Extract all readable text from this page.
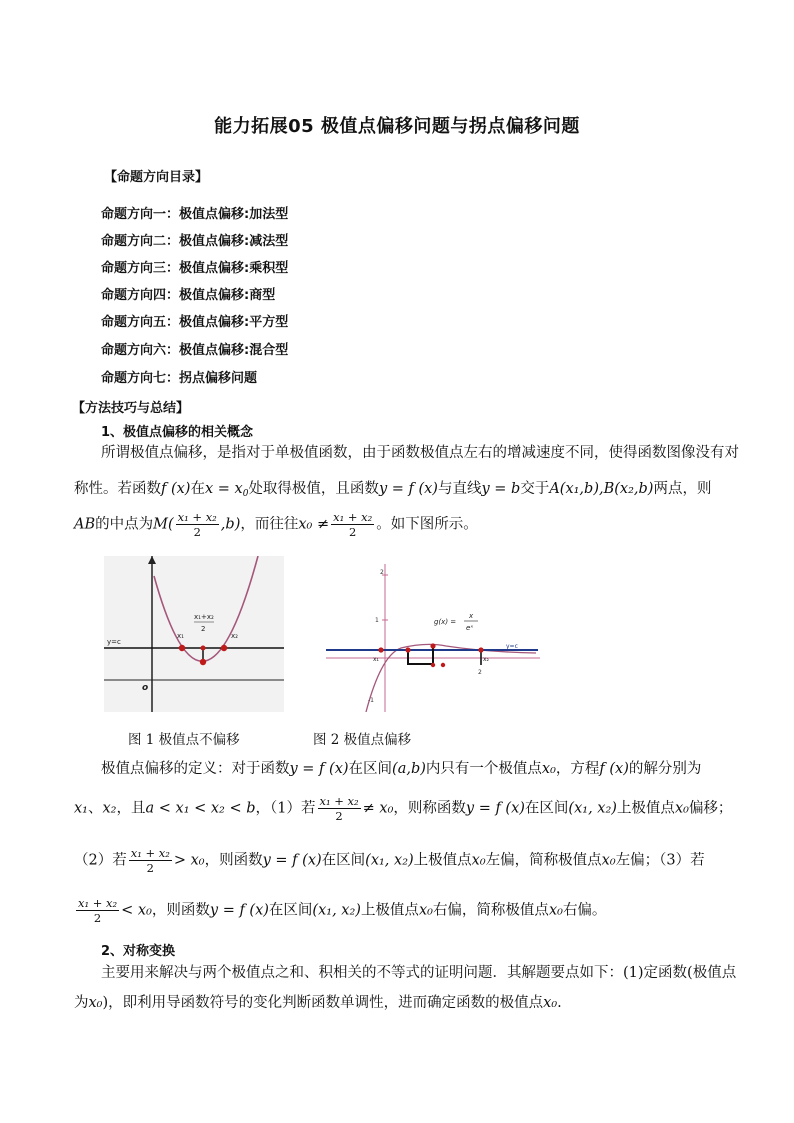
能力拓展05 极值点偏移问题与拐点偏移问题
【命题方向目录】
命题方向一：极值点偏移:加法型
命题方向二：极值点偏移:减法型
命题方向三：极值点偏移:乘积型
命题方向四：极值点偏移:商型
命题方向五：极值点偏移:平方型
命题方向六：极值点偏移:混合型
命题方向七：拐点偏移问题
【方法技巧与总结】
1、极值点偏移的相关概念
所谓极值点偏移，是指对于单极值函数，由于函数极值点左右的增减速度不同，使得函数图像没有对
称性。若函数f (x)在$x = x_0$处取得极值，且函数y = f (x)与直线y = b交于A(x₁,b),B(x₂,b)两点，则
AB的中点为$M( \frac{\text{x₁ + x₂}}{2} ,b)$，而往往$x_0 \ne \frac{\text{x₁ + x₂}}{2}$ 。如下图所示。
y=c
x₁	x₂
x₁+x₂
2
o
2
1
-1
g(x) =
x
eˣ
y=c
x₁	x₂
2
图 1 极值点不偏移	图 2 极值点偏移
极值点偏移的定义：对于函数y = f (x)在区间(a,b)内只有一个极值点x₀，方程f (x)的解分别为
x₁、x₂，且a < x₁ < x₂ < b，（1）若 $\frac{\text{x₁ + x₂}}{2} \ne x_0$，则称函数y = f (x)在区间(x₁, x₂)上极值点x₀偏移；
（2）若 $\frac{\text{x₁ + x₂}}{2} > x_0$，则函数y = f (x)在区间(x₁, x₂)上极值点x₀左偏，简称极值点x₀左偏；（3）若
$\frac{\text{x₁ + x₂}}{2} < x_0$，则函数y = f (x)在区间(x₁, x₂)上极值点x₀右偏，简称极值点x₀右偏。
2、对称变换
主要用来解决与两个极值点之和、积相关的不等式的证明问题．其解题要点如下：(1)定函数(极值点
为x₀)，即利用导函数符号的变化判断函数单调性，进而确定函数的极值点x₀.
